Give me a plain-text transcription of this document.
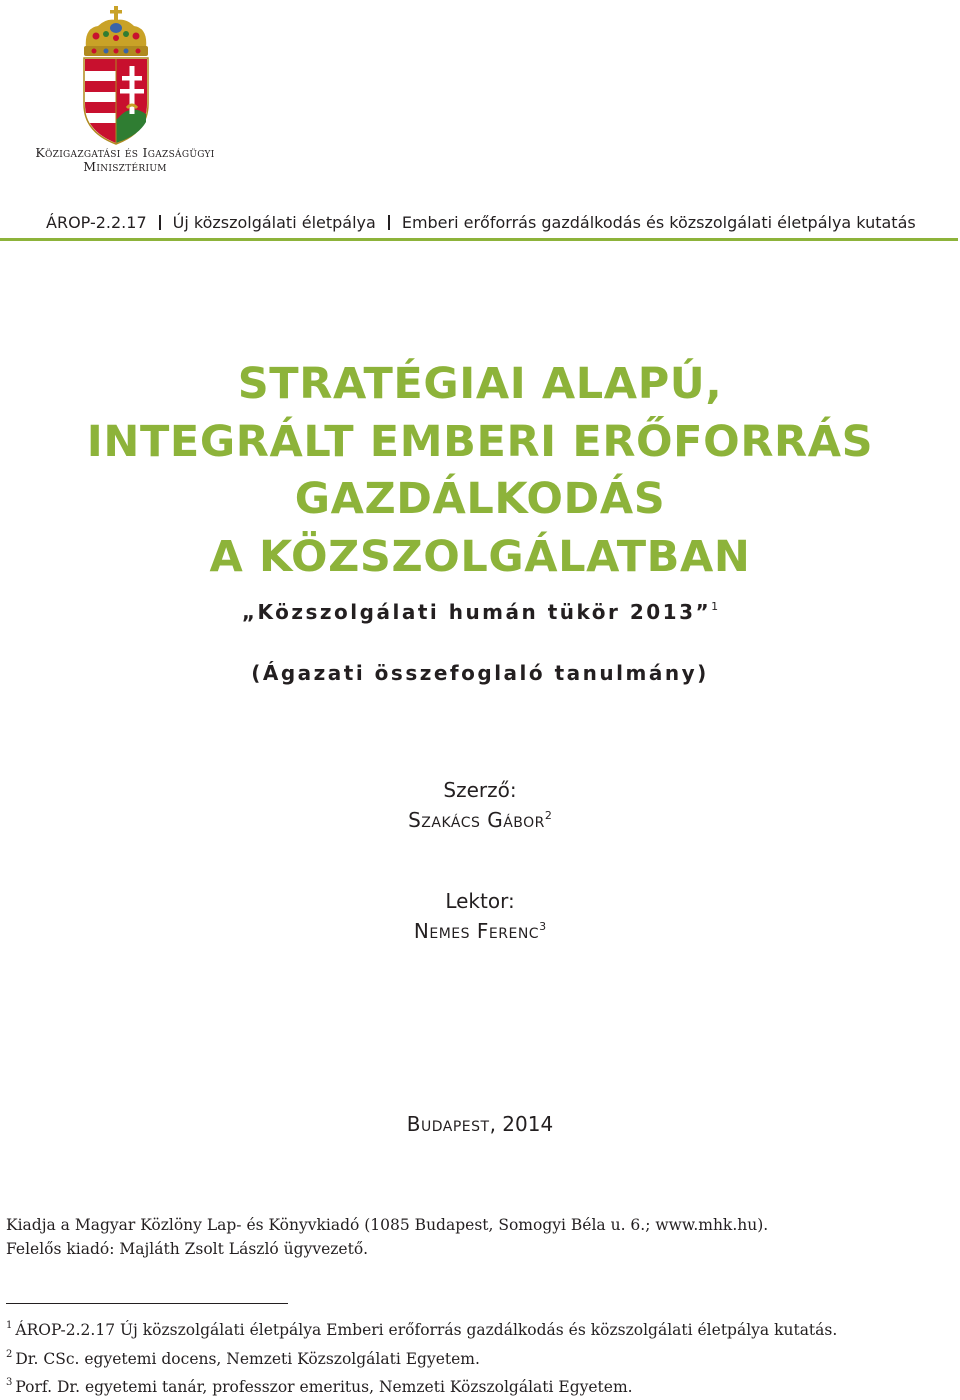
Közigazgatási és Igazságügyi
Minisztérium
ÁROP-2.2.17 Új közszolgálati életpálya Emberi erőforrás gazdálkodás és közszolgálati életpálya kutatás
STRATÉGIAI ALAPÚ,
INTEGRÁLT EMBERI ERŐFORRÁS
GAZDÁLKODÁS
A KÖZSZOLGÁLATBAN
„Közszolgálati humán tükör 2013”$^1$
(Ágazati összefoglaló tanulmány)
Szerző:
Szakács Gábor$^2$
Lektor:
Nemes Ferenc$^3$
Budapest, 2014
Kiadja a Magyar Közlöny Lap- és Könyvkiadó (1085 Budapest, Somogyi Béla u. 6.; www.mhk.hu).
Felelős kiadó: Majláth Zsolt László ügyvezető.
$^1$ ÁROP-2.2.17 Új közszolgálati életpálya Emberi erőforrás gazdálkodás és közszolgálati életpálya kutatás.
$^2$ Dr. CSc. egyetemi docens, Nemzeti Közszolgálati Egyetem.
$^3$ Porf. Dr. egyetemi tanár, professzor emeritus, Nemzeti Közszolgálati Egyetem.
